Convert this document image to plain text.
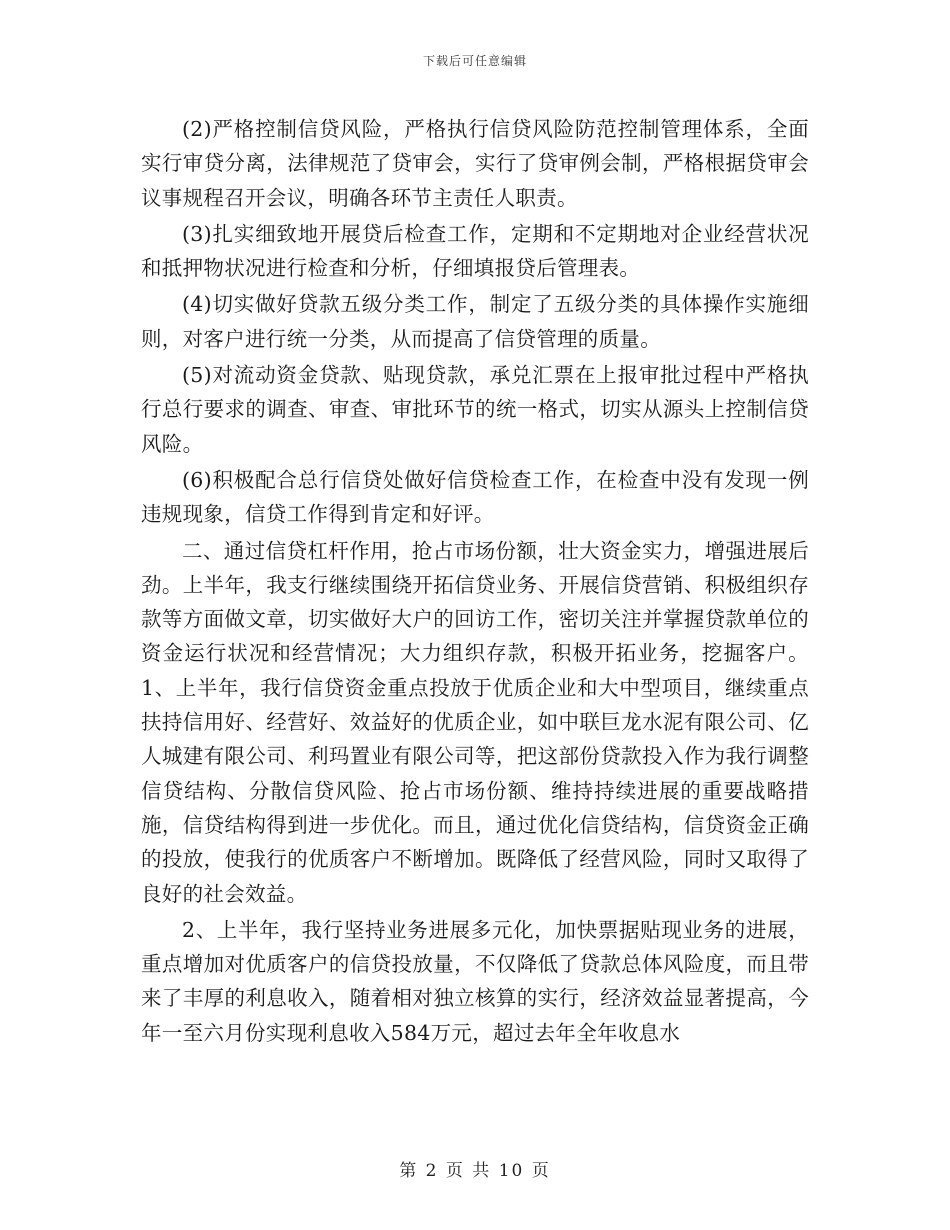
下载后可任意编辑

(2)严格控制信贷风险，严格执行信贷风险防范控制管理体系，全面实行审贷分离，法律规范了贷审会，实行了贷审例会制，严格根据贷审会议事规程召开会议，明确各环节主责任人职责。

(3)扎实细致地开展贷后检查工作，定期和不定期地对企业经营状况和抵押物状况进行检查和分析，仔细填报贷后管理表。

(4)切实做好贷款五级分类工作，制定了五级分类的具体操作实施细则，对客户进行统一分类，从而提高了信贷管理的质量。

(5)对流动资金贷款、贴现贷款，承兑汇票在上报审批过程中严格执行总行要求的调查、审查、审批环节的统一格式，切实从源头上控制信贷风险。

(6)积极配合总行信贷处做好信贷检查工作，在检查中没有发现一例违规现象，信贷工作得到肯定和好评。

二、通过信贷杠杆作用，抢占市场份额，壮大资金实力，增强进展后劲。上半年，我支行继续围绕开拓信贷业务、开展信贷营销、积极组织存款等方面做文章，切实做好大户的回访工作，密切关注并掌握贷款单位的资金运行状况和经营情况；大力组织存款，积极开拓业务，挖掘客户。1、上半年，我行信贷资金重点投放于优质企业和大中型项目，继续重点扶持信用好、经营好、效益好的优质企业，如中联巨龙水泥有限公司、亿人城建有限公司、利玛置业有限公司等，把这部份贷款投入作为我行调整信贷结构、分散信贷风险、抢占市场份额、维持持续进展的重要战略措施，信贷结构得到进一步优化。而且，通过优化信贷结构，信贷资金正确的投放，使我行的优质客户不断增加。既降低了经营风险，同时又取得了良好的社会效益。

2、上半年，我行坚持业务进展多元化，加快票据贴现业务的进展，重点增加对优质客户的信贷投放量，不仅降低了贷款总体风险度，而且带来了丰厚的利息收入，随着相对独立核算的实行，经济效益显著提高，今年一至六月份实现利息收入584万元，超过去年全年收息水

第 2 页 共 10 页
